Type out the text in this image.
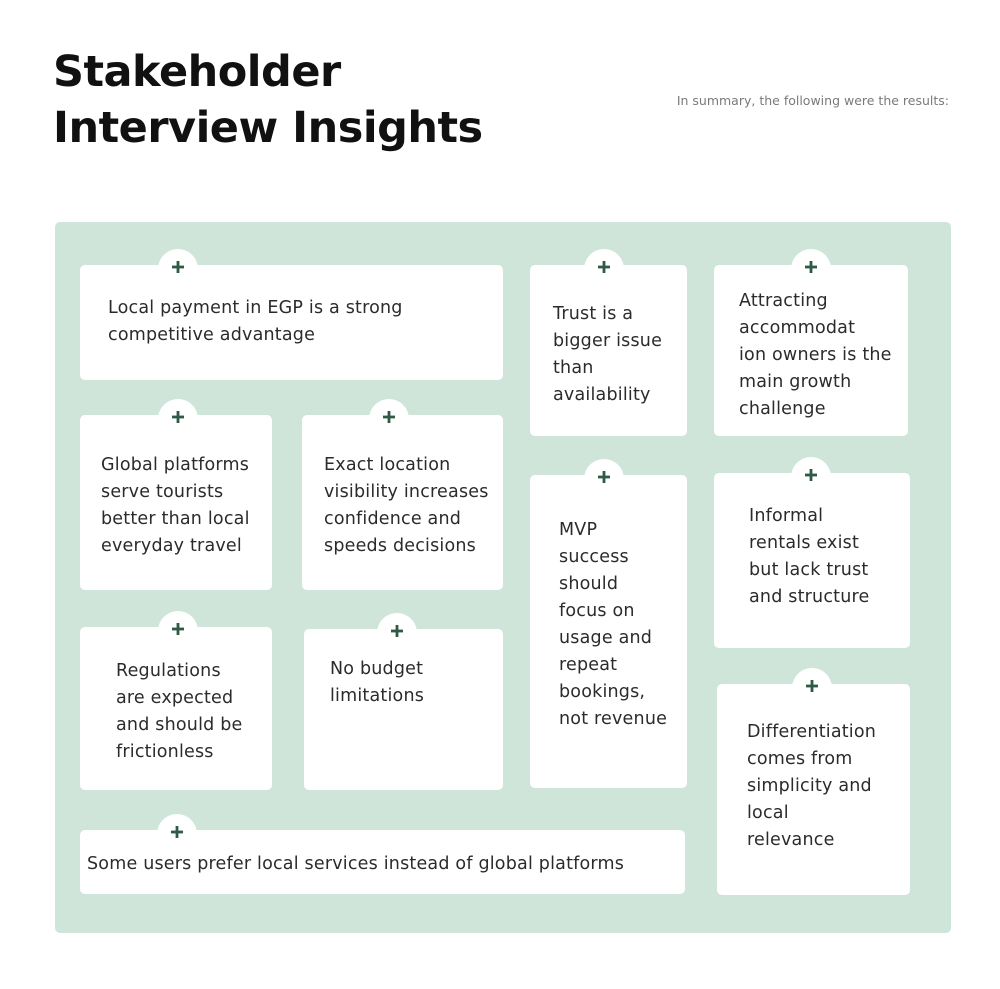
Stakeholder
Interview Insights
In summary, the following were the results:

Local payment in EGP is a strong
competitive advantage

Trust is a
bigger issue
than
availability

Attracting
accommodat
ion owners is the
main growth
challenge

Global platforms
serve tourists
better than local
everyday travel

Exact location
visibility increases
confidence and
speeds decisions

MVP
success
should
focus on
usage and
repeat
bookings,
not revenue

Informal
rentals exist
but lack trust
and structure

Regulations
are expected
and should be
frictionless

No budget
limitations

Differentiation
comes from
simplicity and
local
relevance

Some users prefer local services instead of global platforms
